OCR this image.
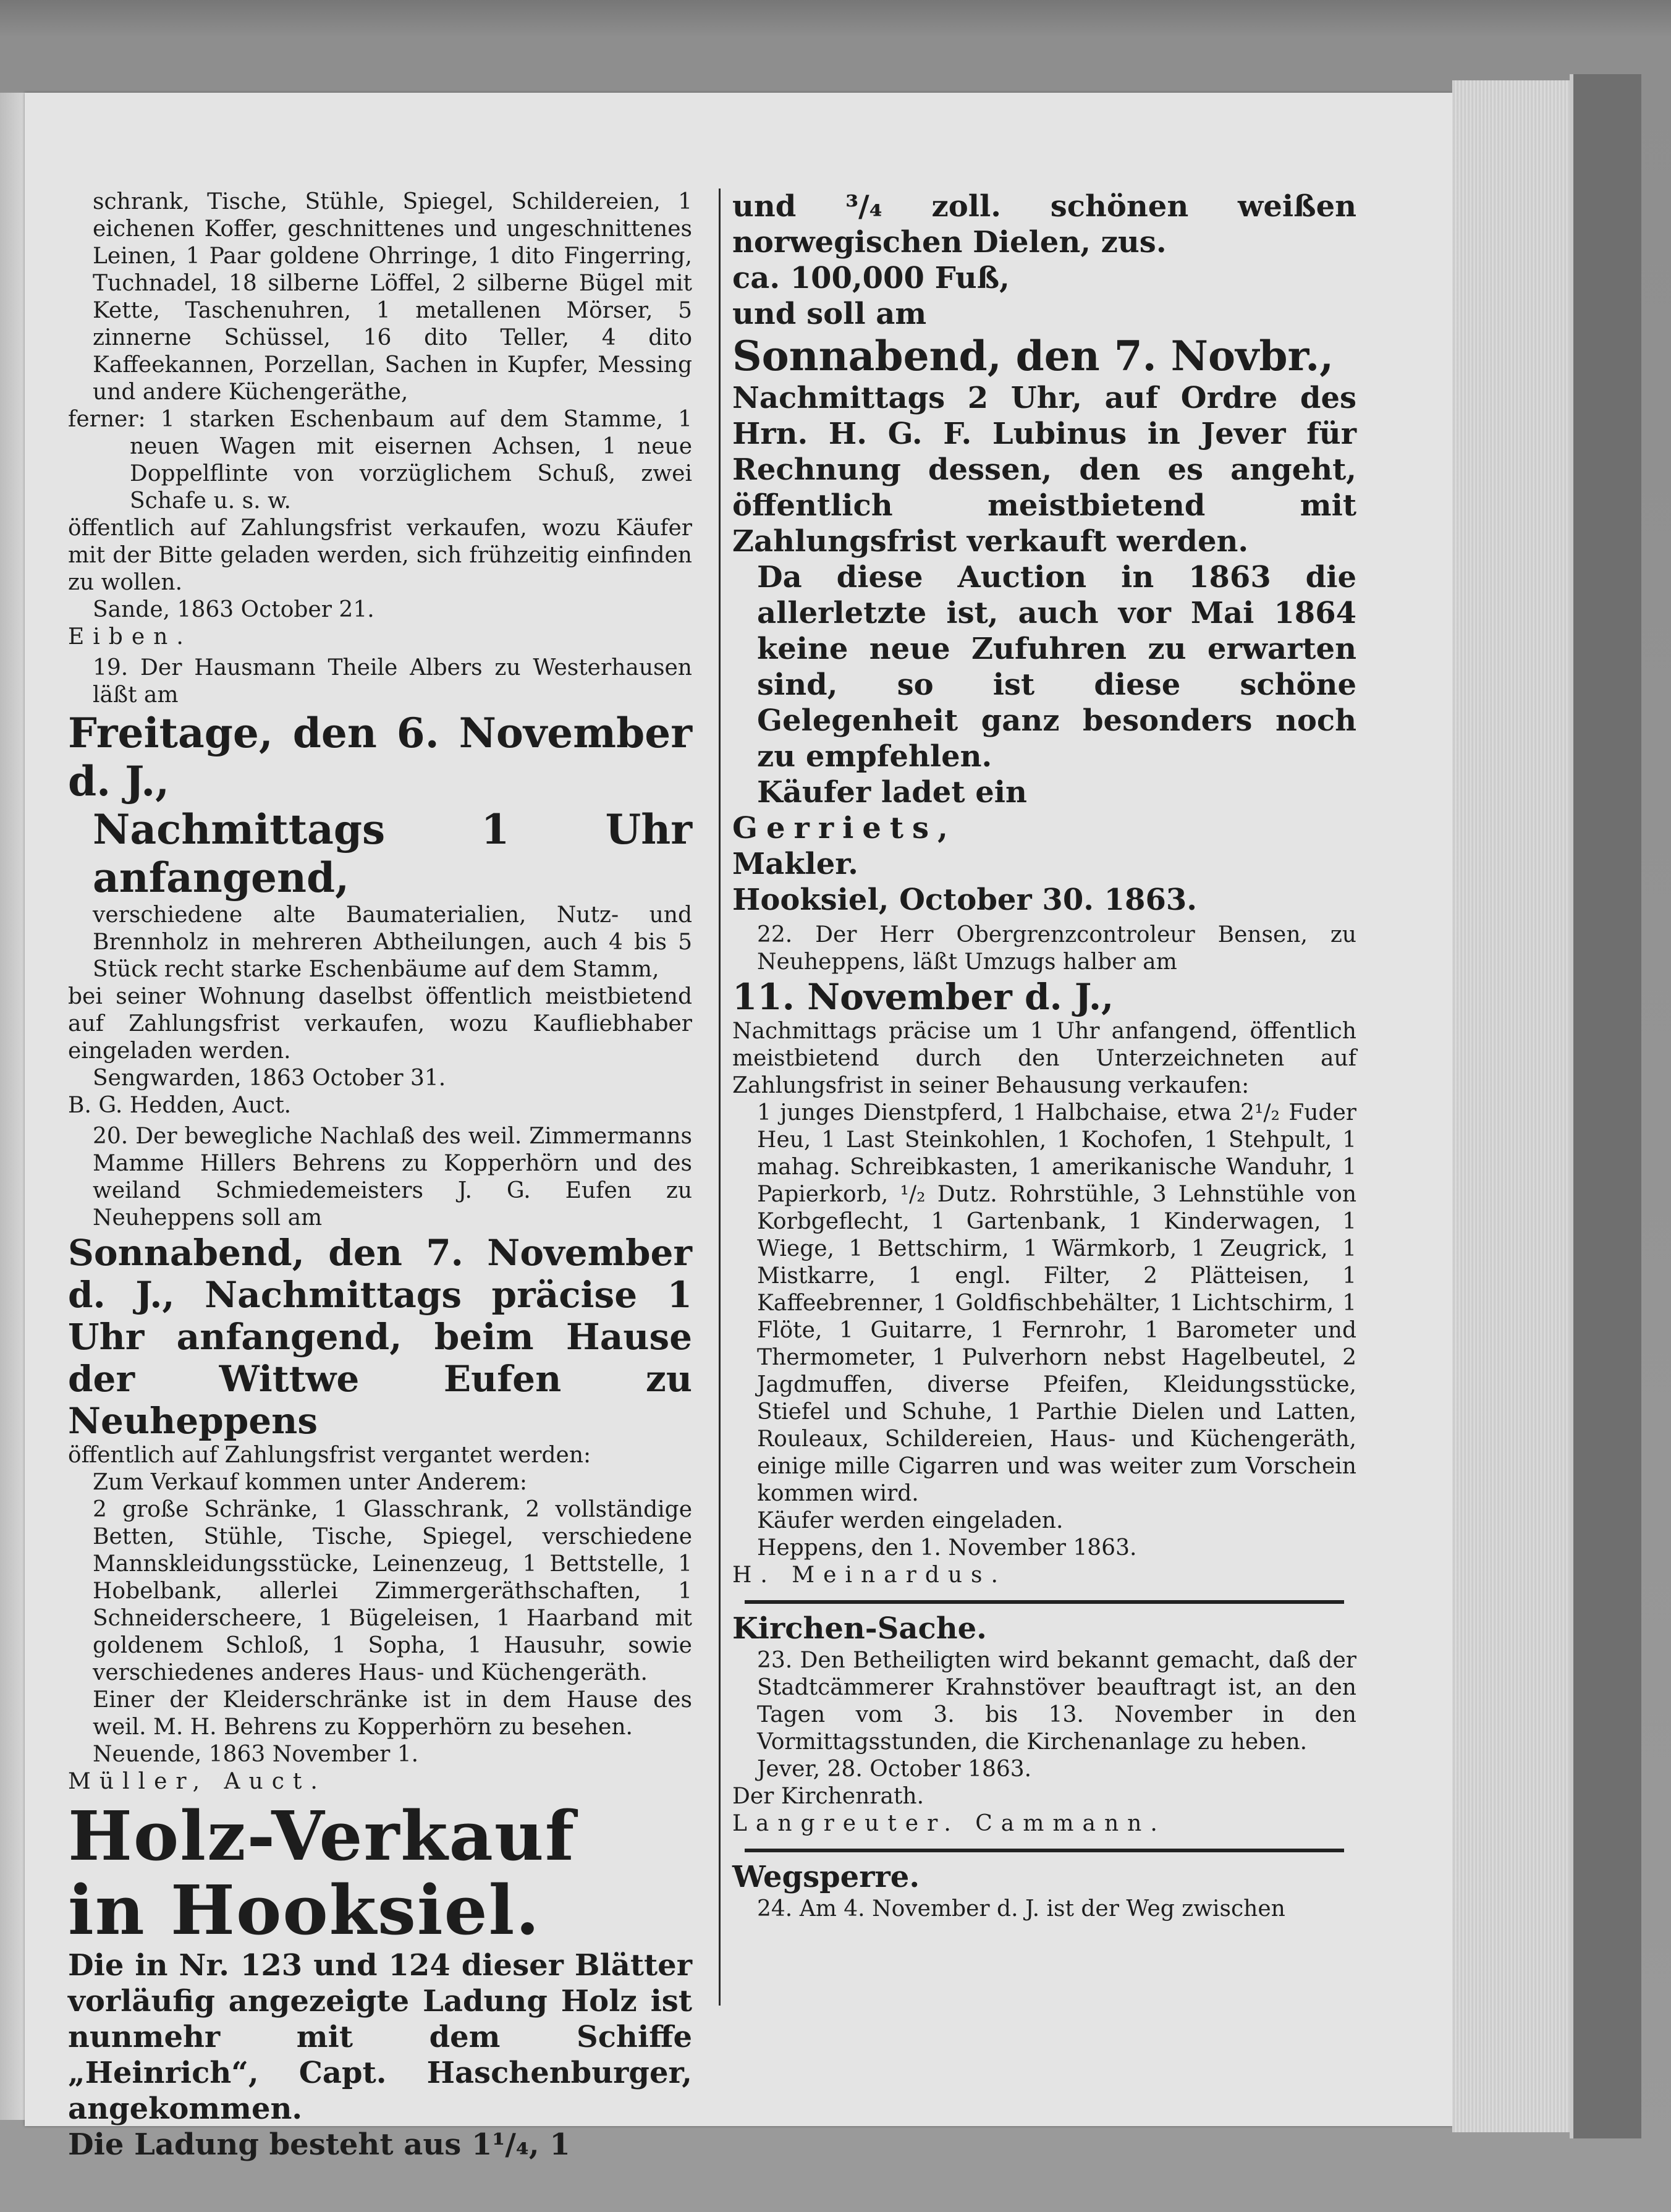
schrank, Tische, Stühle, Spiegel, Schildereien, 1 eichenen Koffer, geschnittenes und ungeschnittenes Leinen, 1 Paar goldene Ohrringe, 1 dito Fingerring, Tuchnadel, 18 silberne Löffel, 2 silberne Bügel mit Kette, Taschenuhren, 1 metallenen Mörser, 5 zinnerne Schüssel, 16 dito Teller, 4 dito Kaffeekannen, Porzellan, Sachen in Kupfer, Messing und andere Küchengeräthe,

ferner: 1 starken Eschenbaum auf dem Stamme, 1 neuen Wagen mit eisernen Achsen, 1 neue Doppelflinte von vorzüglichem Schuß, zwei Schafe u. s. w.

öffentlich auf Zahlungsfrist verkaufen, wozu Käufer mit der Bitte geladen werden, sich frühzeitig einfinden zu wollen.

Sande, 1863 October 21.

Eiben.

19. Der Hausmann Theile Albers zu Westerhausen läßt am

Freitage, den 6. November d. J.,

Nachmittags 1 Uhr anfangend,

verschiedene alte Baumaterialien, Nutz- und Brennholz in mehreren Abtheilungen, auch 4 bis 5 Stück recht starke Eschenbäume auf dem Stamm,

bei seiner Wohnung daselbst öffentlich meistbietend auf Zahlungsfrist verkaufen, wozu Kaufliebhaber eingeladen werden.

Sengwarden, 1863 October 31.

B. G. Hedden, Auct.

20. Der bewegliche Nachlaß des weil. Zimmermanns Mamme Hillers Behrens zu Kopperhörn und des weiland Schmiedemeisters J. G. Eufen zu Neuheppens soll am

Sonnabend, den 7. November d. J., Nachmittags präcise 1 Uhr anfangend, beim Hause der Wittwe Eufen zu Neuheppens

öffentlich auf Zahlungsfrist vergantet werden:

Zum Verkauf kommen unter Anderem:

2 große Schränke, 1 Glasschrank, 2 vollständige Betten, Stühle, Tische, Spiegel, verschiedene Mannskleidungsstücke, Leinenzeug, 1 Bettstelle, 1 Hobelbank, allerlei Zimmergeräthschaften, 1 Schneiderscheere, 1 Bügeleisen, 1 Haarband mit goldenem Schloß, 1 Sopha, 1 Hausuhr, sowie verschiedenes anderes Haus- und Küchengeräth.

Einer der Kleiderschränke ist in dem Hause des weil. M. H. Behrens zu Kopperhörn zu besehen.

Neuende, 1863 November 1.

Müller, Auct.

Holz-Verkauf

in Hooksiel.

Die in Nr. 123 und 124 dieser Blätter vorläufig angezeigte Ladung Holz ist nunmehr mit dem Schiffe „Heinrich“, Capt. Haschenburger, angekommen.

Die Ladung besteht aus 1¹/₄, 1

und ³/₄ zoll. schönen weißen norwegischen Dielen, zus.

ca. 100,000 Fuß,

und soll am

Sonnabend, den 7. Novbr.,

Nachmittags 2 Uhr, auf Ordre des Hrn. H. G. F. Lubinus in Jever für Rechnung dessen, den es angeht, öffentlich meistbietend mit Zahlungsfrist verkauft werden.

Da diese Auction in 1863 die allerletzte ist, auch vor Mai 1864 keine neue Zufuhren zu erwarten sind, so ist diese schöne Gelegenheit ganz besonders noch zu empfehlen.

Käufer ladet ein

Gerriets,

Makler.

Hooksiel, October 30. 1863.

22. Der Herr Obergrenzcontroleur Bensen, zu Neuheppens, läßt Umzugs halber am

11. November d. J.,

Nachmittags präcise um 1 Uhr anfangend, öffentlich meistbietend durch den Unterzeichneten auf Zahlungsfrist in seiner Behausung verkaufen:

1 junges Dienstpferd, 1 Halbchaise, etwa 2¹/₂ Fuder Heu, 1 Last Steinkohlen, 1 Kochofen, 1 Stehpult, 1 mahag. Schreibkasten, 1 amerikanische Wanduhr, 1 Papierkorb, ¹/₂ Dutz. Rohrstühle, 3 Lehnstühle von Korbgeflecht, 1 Gartenbank, 1 Kinderwagen, 1 Wiege, 1 Bettschirm, 1 Wärmkorb, 1 Zeugrick, 1 Mistkarre, 1 engl. Filter, 2 Plätteisen, 1 Kaffeebrenner, 1 Goldfischbehälter, 1 Lichtschirm, 1 Flöte, 1 Guitarre, 1 Fernrohr, 1 Barometer und Thermometer, 1 Pulverhorn nebst Hagelbeutel, 2 Jagdmuffen, diverse Pfeifen, Kleidungsstücke, Stiefel und Schuhe, 1 Parthie Dielen und Latten, Rouleaux, Schildereien, Haus- und Küchengeräth, einige mille Cigarren und was weiter zum Vorschein kommen wird.

Käufer werden eingeladen.

Heppens, den 1. November 1863.

H. Meinardus.

Kirchen-Sache.

23. Den Betheiligten wird bekannt gemacht, daß der Stadtcämmerer Krahnstöver beauftragt ist, an den Tagen vom 3. bis 13. November in den Vormittagsstunden, die Kirchenanlage zu heben.

Jever, 28. October 1863.

Der Kirchenrath.

Langreuter. Cammann.

Wegsperre.

24. Am 4. November d. J. ist der Weg zwischen
